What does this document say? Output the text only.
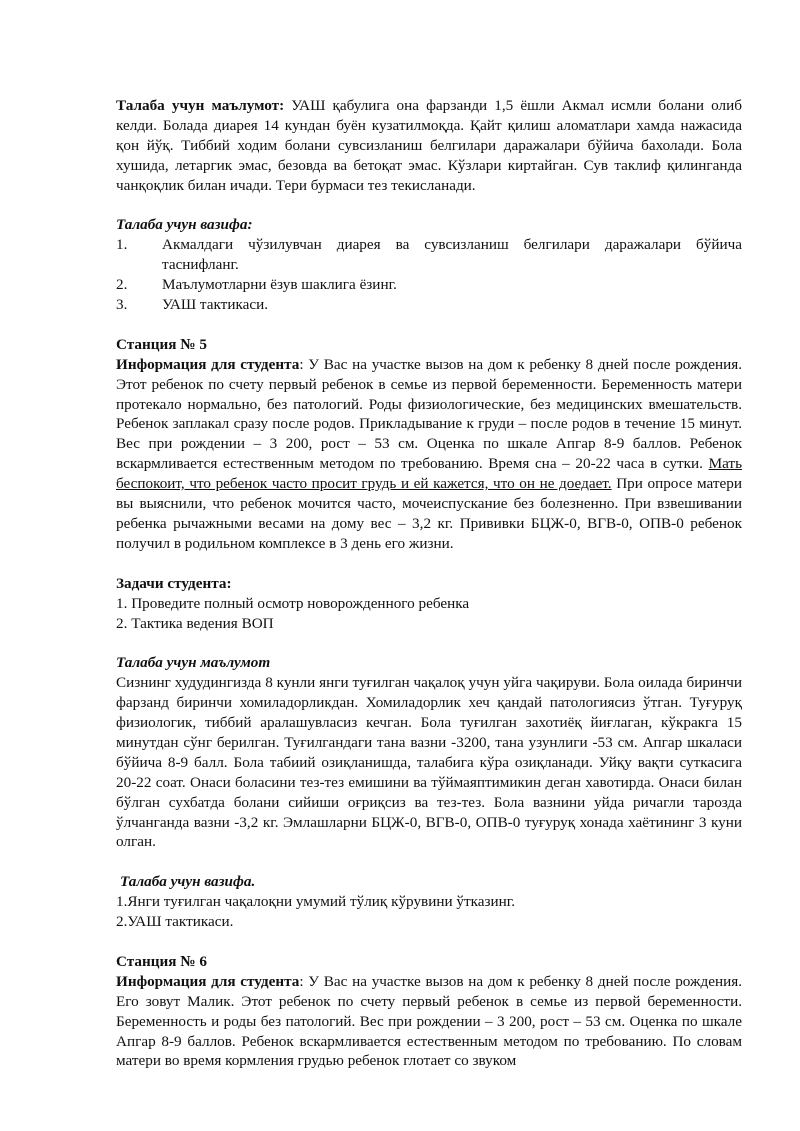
Талаба учун маълумот: УАШ қабулига она фарзанди 1,5 ёшли Акмал исмли болани олиб келди. Болада диарея 14 кундан буён кузатилмоқда. Қайт қилиш аломатлари хамда нажасида қон йўқ. Тиббий ходим болани сувсизланиш белгилари даражалари бўйича бахолади. Бола хушида, летаргик эмас, безовда ва бетоқат эмас. Кўзлари киртайган. Сув таклиф қилинганда чанқоқлик билан ичади. Тери бурмаси тез текисланади.

Талаба учун вазифа:

1.	Акмалдаги чўзилувчан диарея ва сувсизланиш белгилари даражалари бўйича таснифланг.
2.	Маълумотларни ёзув шаклига ёзинг.
3.	УАШ тактикаси.

Станция № 5

Информация для студента: У Вас на участке вызов на дом к ребенку 8 дней после рождения. Этот ребенок по счету первый ребенок в семье из первой беременности. Беременность матери протекало нормально, без патологий. Роды физиологические, без медицинских вмешательств. Ребенок заплакал сразу после родов. Прикладывание к груди – после родов в течение 15 минут. Вес при рождении – 3 200, рост – 53 см. Оценка по шкале Апгар 8-9 баллов. Ребенок вскармливается естественным методом по требованию. Время сна – 20-22 часа в сутки. Мать беспокоит, что ребенок часто просит грудь и ей кажется, что он не доедает. При опросе матери вы выяснили, что ребенок мочится часто, мочеиспускание без болезненно. При взвешивании ребенка рычажными весами на дому вес – 3,2 кг. Прививки БЦЖ-0, ВГВ-0, ОПВ-0 ребенок получил в родильном комплексе в 3 день его жизни.

Задачи студента:

1. Проведите полный осмотр новорожденного ребенка

2. Тактика ведения ВОП

Талаба учун маълумот

Сизнинг худудингизда 8 кунли янги туғилган чақалоқ учун уйга чақируви. Бола оилада биринчи фарзанд биринчи хомиладорликдан. Хомиладорлик хеч қандай патологиясиз ўтган. Туғуруқ физиологик, тиббий аралашувласиз кечган. Бола туғилган захотиёқ йиғлаган, кўкракга 15 минутдан сўнг берилган. Туғилгандаги тана вазни -3200, тана узунлиги -53 см. Апгар шкаласи бўйича 8-9 балл. Бола табиий озиқланишда, талабига кўра озиқланади. Уйқу вақти суткасига 20-22 соат. Онаси боласини тез-тез емишини ва тўймаяптимикин деган хавотирда. Онаси билан бўлган сухбатда болани сийиши оғриқсиз ва тез-тез. Бола вазнини уйда ричагли тарозда ўлчанганда вазни -3,2 кг. Эмлашларни БЦЖ-0, ВГВ-0, ОПВ-0 туғуруқ хонада хаётининг 3 куни олган.

Талаба учун вазифа.

1.Янги туғилган чақалоқни умумий тўлиқ кўрувини ўтказинг.

2.УАШ тактикаси.

Станция № 6

Информация для студента: У Вас на участке вызов на дом к ребенку 8 дней после рождения. Его зовут Малик. Этот ребенок по счету первый ребенок в семье из первой беременности. Беременность и роды без патологий. Вес при рождении – 3 200, рост – 53 см. Оценка по шкале Апгар 8-9 баллов. Ребенок вскармливается естественным методом по требованию. По словам матери во время кормления грудью ребенок глотает со звуком
